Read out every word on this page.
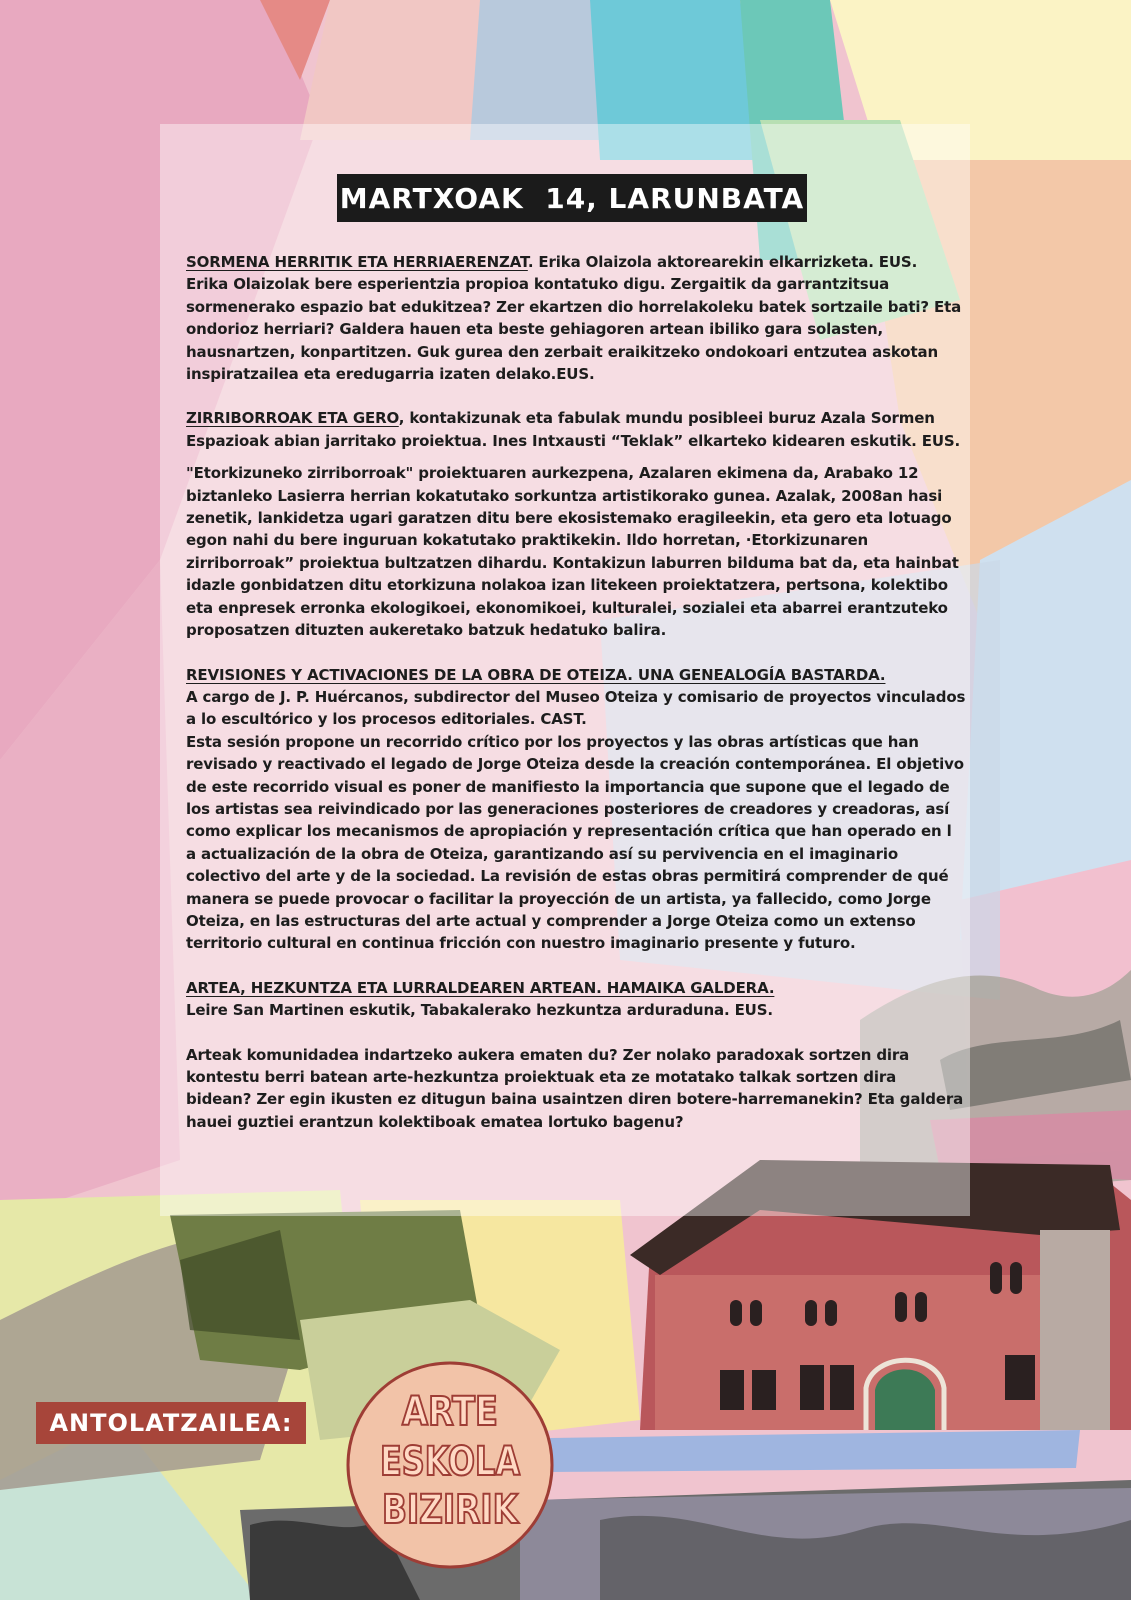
MARTXOAK  14, LARUNBATA

SORMENA HERRITIK ETA HERRIAERENZAT. Erika Olaizola aktorearekin elkarrizketa. EUS.

Erika Olaizolak bere esperientzia propioa kontatuko digu. Zergaitik da garrantzitsua sormenerako espazio bat edukitzea? Zer ekartzen dio horrelakoleku batek sortzaile bati? Eta ondorioz herriari? Galdera hauen eta beste gehiagoren artean ibiliko gara solasten, hausnartzen, konpartitzen. Guk gurea den zerbait eraikitzeko ondokoari entzutea askotan inspiratzailea eta eredugarria izaten delako.EUS.

ZIRRIBORROAK ETA GERO, kontakizunak eta fabulak mundu posibleei buruz Azala Sormen Espazioak abian jarritako proiektua. Ines Intxausti “Teklak” elkarteko kidearen eskutik. EUS.

"Etorkizuneko zirriborroak" proiektuaren aurkezpena, Azalaren ekimena da, Arabako 12 biztanleko Lasierra herrian kokatutako sorkuntza artistikorako gunea. Azalak, 2008an hasi zenetik, lankidetza ugari garatzen ditu bere ekosistemako eragileekin, eta gero eta lotuago egon nahi du bere inguruan kokatutako praktikekin. Ildo horretan, ·Etorkizunaren zirriborroak” proiektua bultzatzen dihardu. Kontakizun laburren bilduma bat da, eta hainbat idazle gonbidatzen ditu etorkizuna nolakoa izan litekeen proiektatzera, pertsona, kolektibo eta enpresek erronka ekologikoei, ekonomikoei, kulturalei, sozialei eta abarrei erantzuteko proposatzen dituzten aukeretako batzuk hedatuko balira.

REVISIONES Y ACTIVACIONES DE LA OBRA DE OTEIZA. UNA GENEALOGÍA BASTARDA.

A cargo de J. P. Huércanos, subdirector del Museo Oteiza y comisario de proyectos vinculados a lo escultórico y los procesos editoriales. CAST.

Esta sesión propone un recorrido crítico por los proyectos y las obras artísticas que han revisado y reactivado el legado de Jorge Oteiza desde la creación contemporánea. El objetivo de este recorrido visual es poner de manifiesto la importancia que supone que el legado de los artistas sea reivindicado por las generaciones posteriores de creadores y creadoras, así como explicar los mecanismos de apropiación y representación crítica que han operado en l a actualización de la obra de Oteiza, garantizando así su pervivencia en el imaginario colectivo del arte y de la sociedad. La revisión de estas obras permitirá comprender de qué manera se puede provocar o facilitar la proyección de un artista, ya fallecido, como Jorge Oteiza, en las estructuras del arte actual y comprender a Jorge Oteiza como un extenso territorio cultural en continua fricción con nuestro imaginario presente y futuro.

ARTEA, HEZKUNTZA ETA LURRALDEAREN ARTEAN. HAMAIKA GALDERA.

Leire San Martinen eskutik, Tabakalerako hezkuntza arduraduna. EUS.

Arteak komunidadea indartzeko aukera ematen du? Zer nolako paradoxak sortzen dira kontestu berri batean arte-hezkuntza proiektuak eta ze motatako talkak sortzen dira bidean? Zer egin ikusten ez ditugun baina usaintzen diren botere-harremanekin? Eta galdera hauei guztiei erantzun kolektiboak ematea lortuko bagenu?

ANTOLATZAILEA:	ARTE
ESKOLA
BIZIRIK
